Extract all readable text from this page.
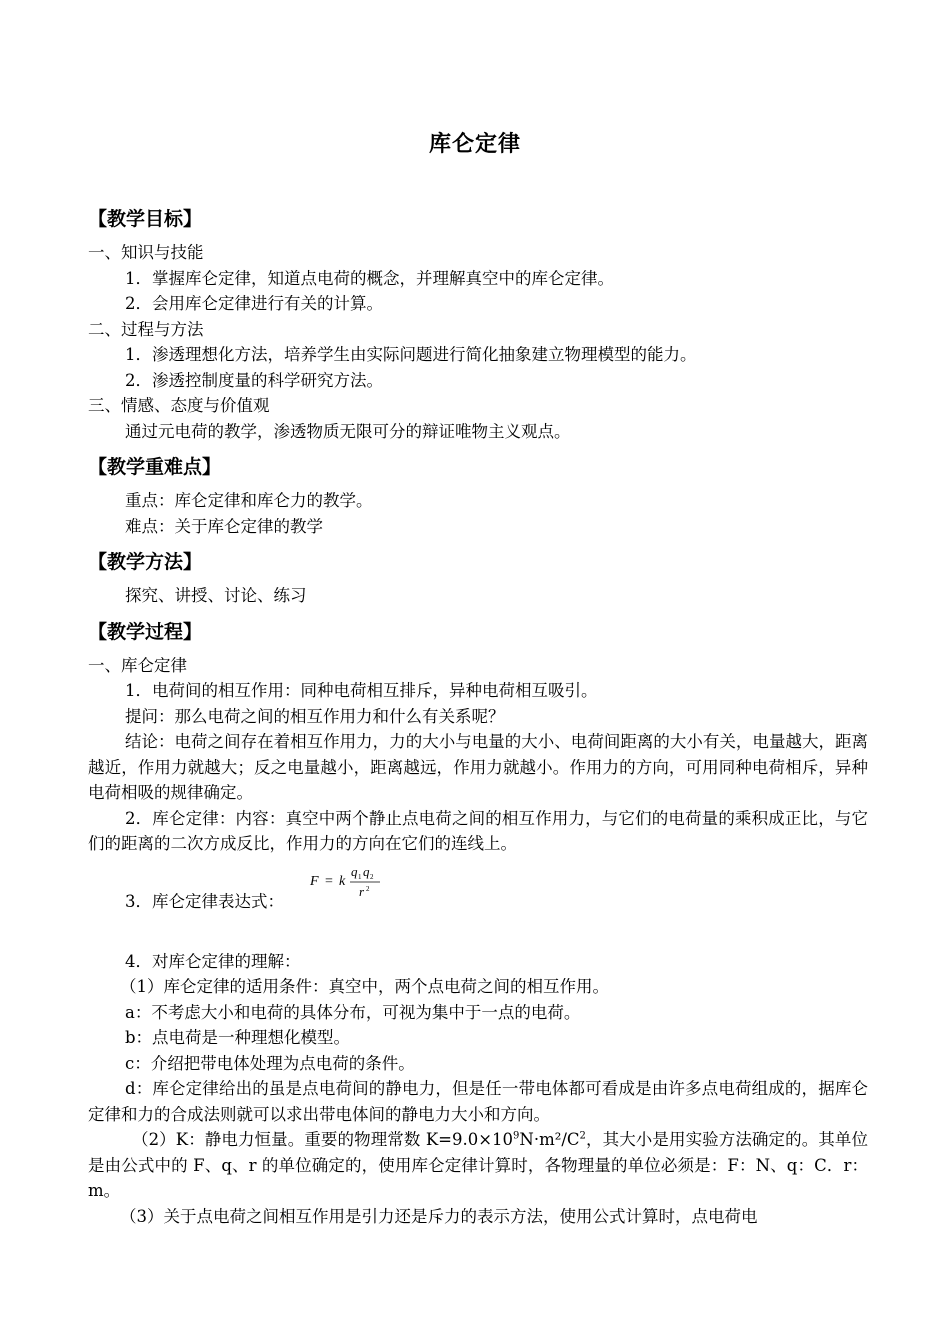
库仑定律
【教学目标】

一、知识与技能

1．掌握库仑定律，知道点电荷的概念，并理解真空中的库仑定律。

2．会用库仑定律进行有关的计算。

二、过程与方法

1．渗透理想化方法，培养学生由实际问题进行简化抽象建立物理模型的能力。

2．渗透控制度量的科学研究方法。

三、情感、态度与价值观

通过元电荷的教学，渗透物质无限可分的辩证唯物主义观点。

【教学重难点】

重点：库仑定律和库仑力的教学。

难点：关于库仑定律的教学

【教学方法】

探究、讲授、讨论、练习

【教学过程】

一、库仑定律

1．电荷间的相互作用：同种电荷相互排斥，异种电荷相互吸引。

提问：那么电荷之间的相互作用力和什么有关系呢？

结论：电荷之间存在着相互作用力，力的大小与电量的大小、电荷间距离的大小有关，电量越大，距离越近，作用力就越大；反之电量越小，距离越远，作用力就越小。作用力的方向，可用同种电荷相斥，异种电荷相吸的规律确定。

2．库仑定律：内容：真空中两个静止点电荷之间的相互作用力，与它们的电荷量的乘积成正比，与它们的距离的二次方成反比，作用力的方向在它们的连线上。

3．库仑定律表达式：
F = k
q 1 q 2
r 2

4．对库仑定律的理解：

（1）库仑定律的适用条件：真空中，两个点电荷之间的相互作用。

a：不考虑大小和电荷的具体分布，可视为集中于一点的电荷。

b：点电荷是一种理想化模型。

c：介绍把带电体处理为点电荷的条件。

d：库仑定律给出的虽是点电荷间的静电力，但是任一带电体都可看成是由许多点电荷组成的，据库仑定律和力的合成法则就可以求出带电体间的静电力大小和方向。

（2）K：静电力恒量。重要的物理常数 $K=9.0\times 10^9N\cdot m^2/C^2$，其大小是用实验方法确定的。其单位是由公式中的 F、q、r 的单位确定的，使用库仑定律计算时，各物理量的单位必须是：F：N、q：C．r：m。

（3）关于点电荷之间相互作用是引力还是斥力的表示方法，使用公式计算时，点电荷电
